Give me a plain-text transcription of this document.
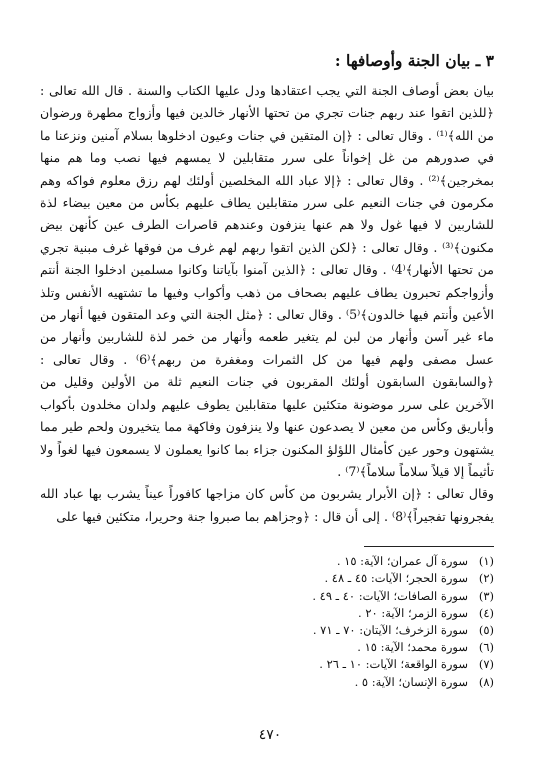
٣ ـ بيان الجنة وأوصافها :

بيان بعض أوصاف الجنة التي يجب اعتقادها ودل عليها الكتاب والسنة . قال الله تعالى : ﴿للذين اتقوا عند ربهم جنات تجري من تحتها الأنهار خالدين فيها وأزواج مطهرة ورضوان من الله﴾⁽¹⁾ . وقال تعالى : ﴿إن المتقين في جنات وعيون ادخلوها بسلام آمنين ونزعنا ما في صدورهم من غل إخواناً على سرر متقابلين لا يمسهم فيها نصب وما هم منها بمخرجين﴾⁽²⁾ . وقال تعالى : ﴿إلا عباد الله المخلصين أولئك لهم رزق معلوم فواكه وهم مكرمون في جنات النعيم على سرر متقابلين يطاف عليهم بكأس من معين بيضاء لذة للشاربين لا فيها غول ولا هم عنها ينزفون وعندهم قاصرات الطرف عين كأنهن بيض مكنون﴾⁽³⁾ . وقال تعالى : ﴿لكن الذين اتقوا ربهم لهم غرف من فوقها غرف مبنية تجري من تحتها الأنهار﴾⁽4⁾ . وقال تعالى : ﴿الذين آمنوا بآياتنا وكانوا مسلمين ادخلوا الجنة أنتم وأزواجكم تحبرون يطاف عليهم بصحاف من ذهب وأكواب وفيها ما تشتهيه الأنفس وتلذ الأعين وأنتم فيها خالدون﴾⁽5⁾ . وقال تعالى : ﴿مثل الجنة التي وعد المتقون فيها أنهار من ماء غير آسن وأنهار من لبن لم يتغير طعمه وأنهار من خمر لذة للشاربين وأنهار من عسل مصفى ولهم فيها من كل الثمرات ومغفرة من ربهم﴾⁽6⁾ . وقال تعالى : ﴿والسابقون السابقون أولئك المقربون في جنات النعيم ثلة من الأولين وقليل من الآخرين على سرر موضونة متكئين عليها متقابلين يطوف عليهم ولدان مخلدون بأكواب وأباريق وكأس من معين لا يصدعون عنها ولا ينزفون وفاكهة مما يتخيرون ولحم طير مما يشتهون وحور عين كأمثال اللؤلؤ المكنون جزاء بما كانوا يعملون لا يسمعون فيها لغواً ولا تأثيماً إلا قيلاً سلاماً سلاماً﴾⁽7⁾ .

وقال تعالى : ﴿إن الأبرار يشربون من كأس كان مزاجها كافوراً عيناً يشرب بها عباد الله يفجرونها تفجيراً﴾⁽8⁾ . إلى أن قال : ﴿وجزاهم بما صبروا جنة وحريرا، متكئين فيها على

(١)
سورة آل عمران؛ الآية: ١٥ .
(٢)
سورة الحجر؛ الآيات: ٤٥ ـ ٤٨ .
(٣)
سورة الصافات؛ الآيات: ٤٠ ـ ٤٩ .
(٤)
سورة الزمر؛ الآية: ٢٠ .
(٥)
سورة الزخرف؛ الآيتان: ٧٠ ـ ٧١ .
(٦)
سورة محمد؛ الآية: ١٥ .
(٧)
سورة الواقعة؛ الآيات: ١٠ ـ ٢٦ .
(٨)
سورة الإنسان؛ الآية: ٥ .
٤٧٠
